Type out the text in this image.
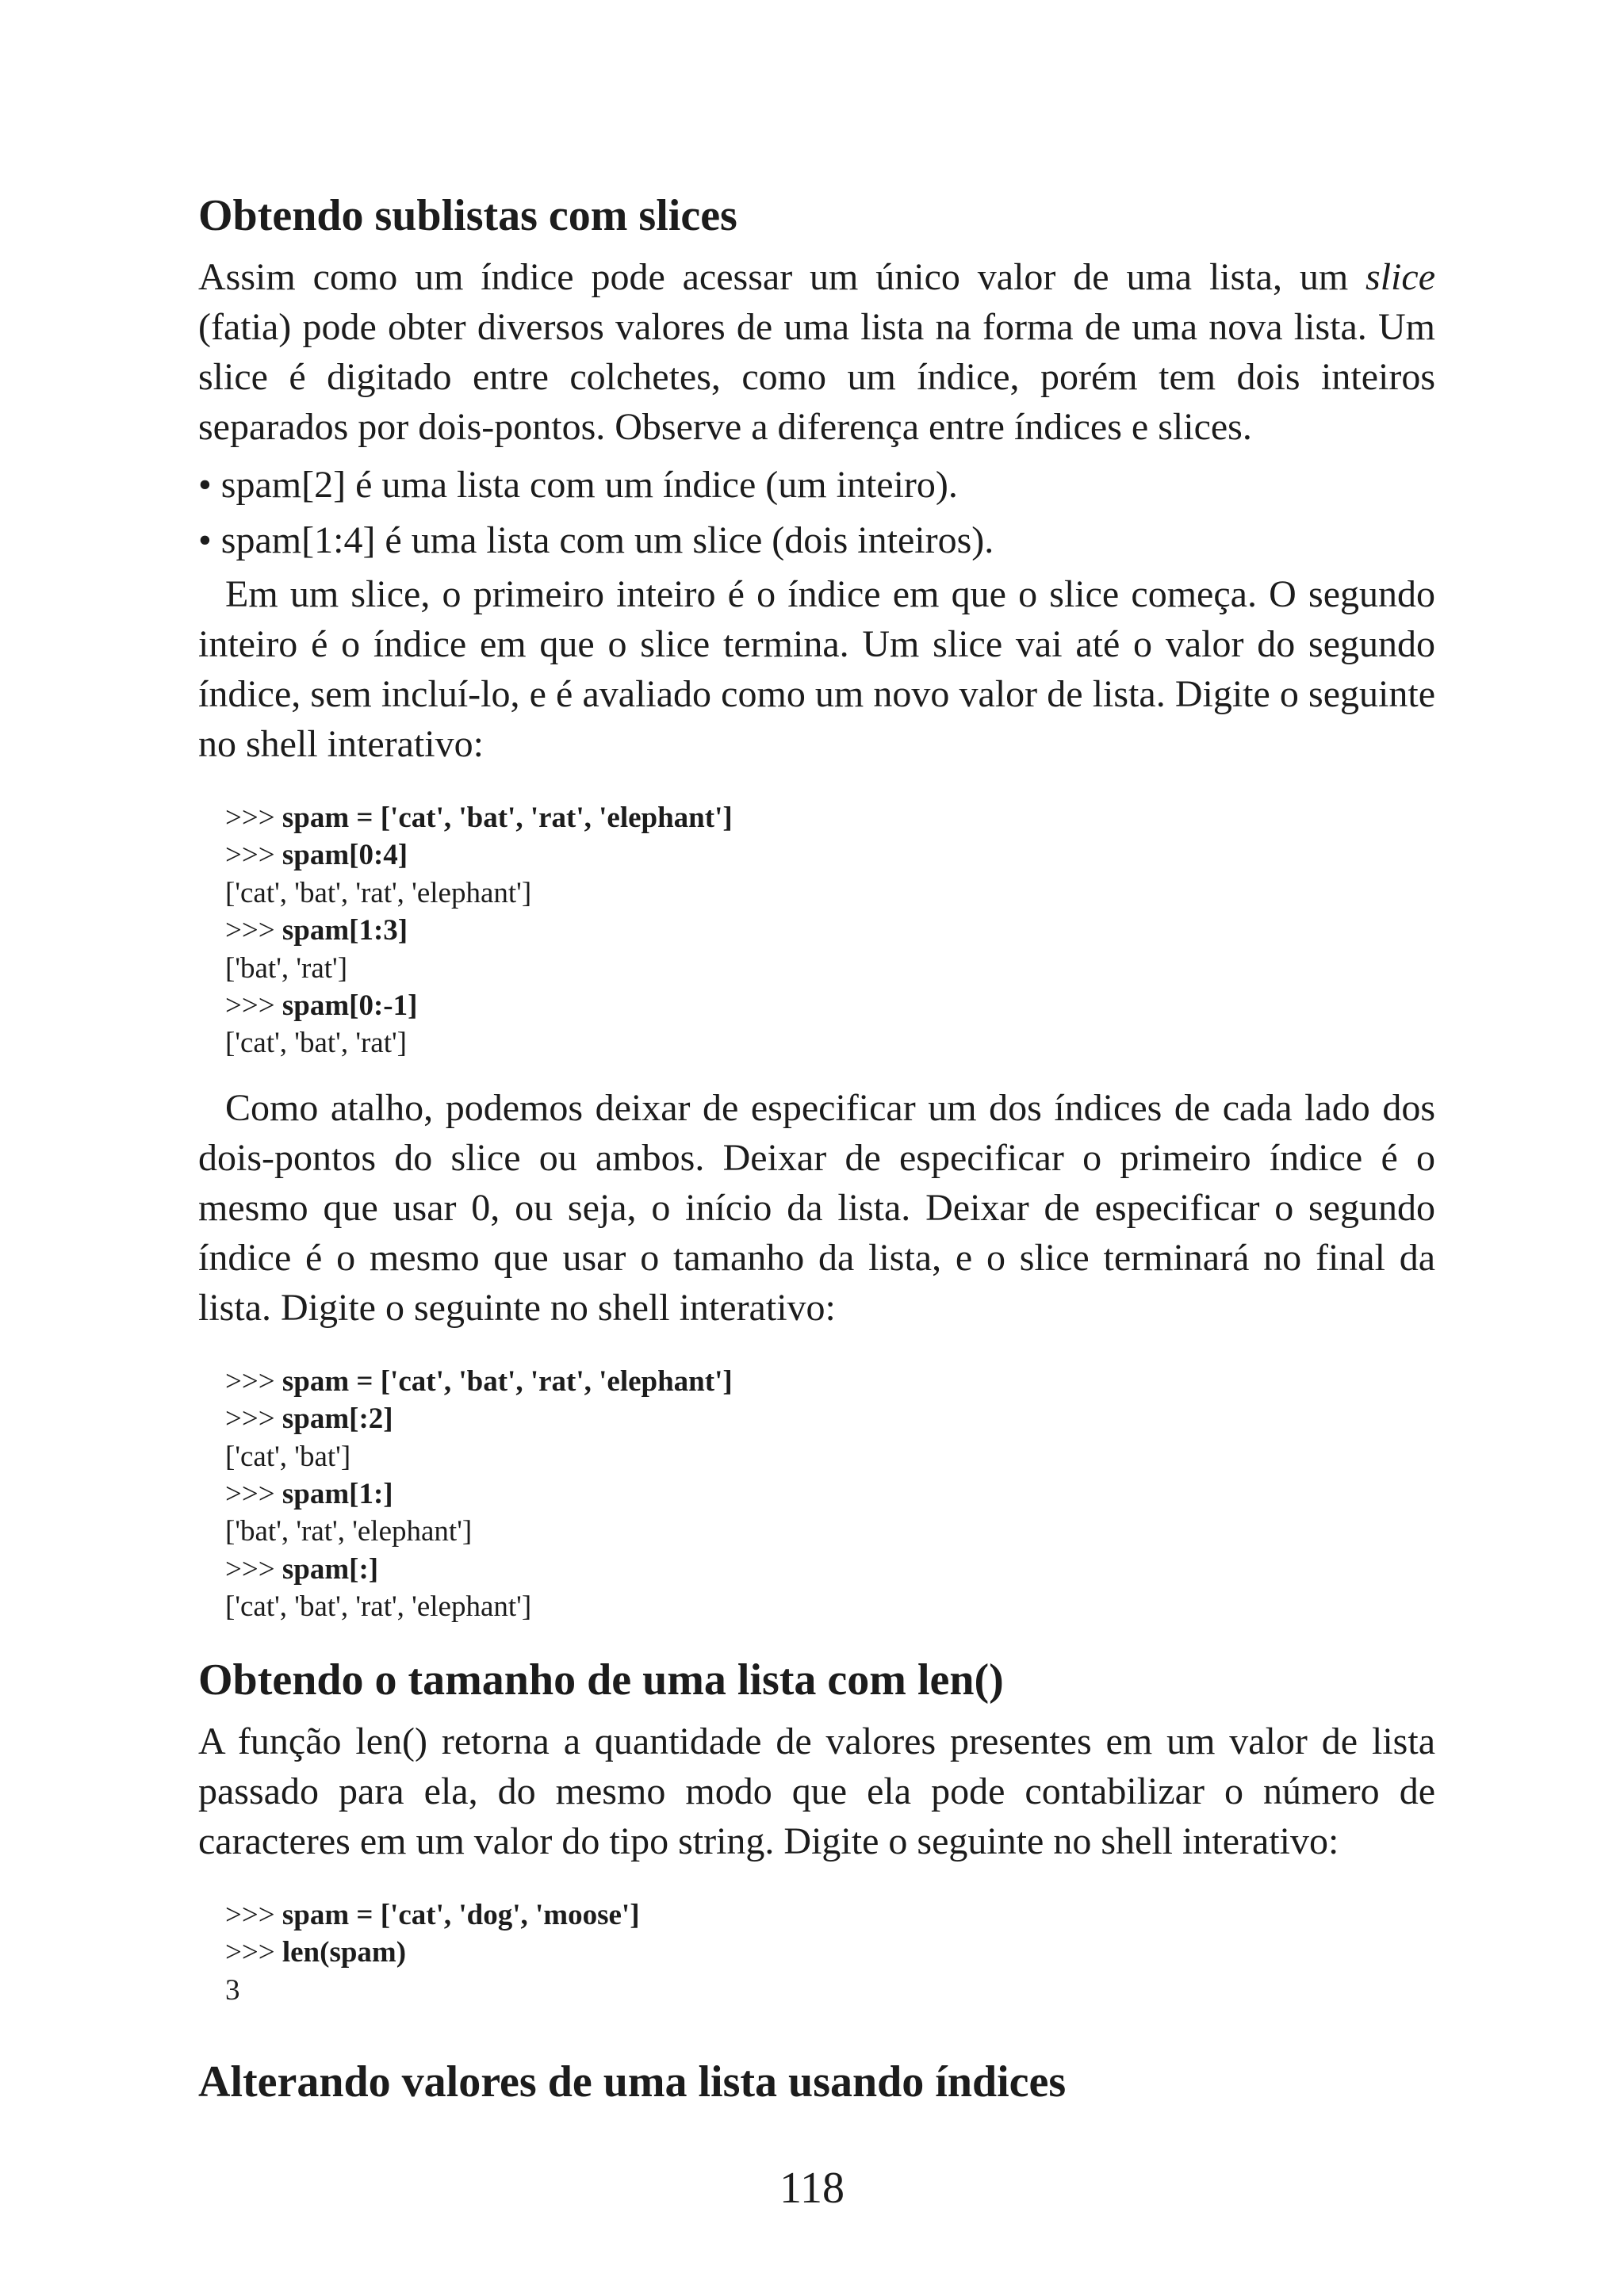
Obtendo sublistas com slices

Assim como um índice pode acessar um único valor de uma lista, um slice (fatia) pode obter diversos valores de uma lista na forma de uma nova lista. Um slice é digitado entre colchetes, como um índice, porém tem dois inteiros separados por dois-pontos. Observe a diferença entre índices e slices.

• spam[2] é uma lista com um índice (um inteiro).
• spam[1:4] é uma lista com um slice (dois inteiros).

Em um slice, o primeiro inteiro é o índice em que o slice começa. O segundo inteiro é o índice em que o slice termina. Um slice vai até o valor do segundo índice, sem incluí-lo, e é avaliado como um novo valor de lista. Digite o seguinte no shell interativo:

>>> spam = ['cat', 'bat', 'rat', 'elephant']
>>> spam[0:4]
['cat', 'bat', 'rat', 'elephant']
>>> spam[1:3]
['bat', 'rat']
>>> spam[0:-1]
['cat', 'bat', 'rat']

Como atalho, podemos deixar de especificar um dos índices de cada lado dos dois-pontos do slice ou ambos. Deixar de especificar o primeiro índice é o mesmo que usar 0, ou seja, o início da lista. Deixar de especificar o segundo índice é o mesmo que usar o tamanho da lista, e o slice terminará no final da lista. Digite o seguinte no shell interativo:

>>> spam = ['cat', 'bat', 'rat', 'elephant']
>>> spam[:2]
['cat', 'bat']
>>> spam[1:]
['bat', 'rat', 'elephant']
>>> spam[:]
['cat', 'bat', 'rat', 'elephant']
Obtendo o tamanho de uma lista com len()

A função len() retorna a quantidade de valores presentes em um valor de lista passado para ela, do mesmo modo que ela pode contabilizar o número de caracteres em um valor do tipo string. Digite o seguinte no shell interativo:

>>> spam = ['cat', 'dog', 'moose']
>>> len(spam)
3
Alterando valores de uma lista usando índices
118
